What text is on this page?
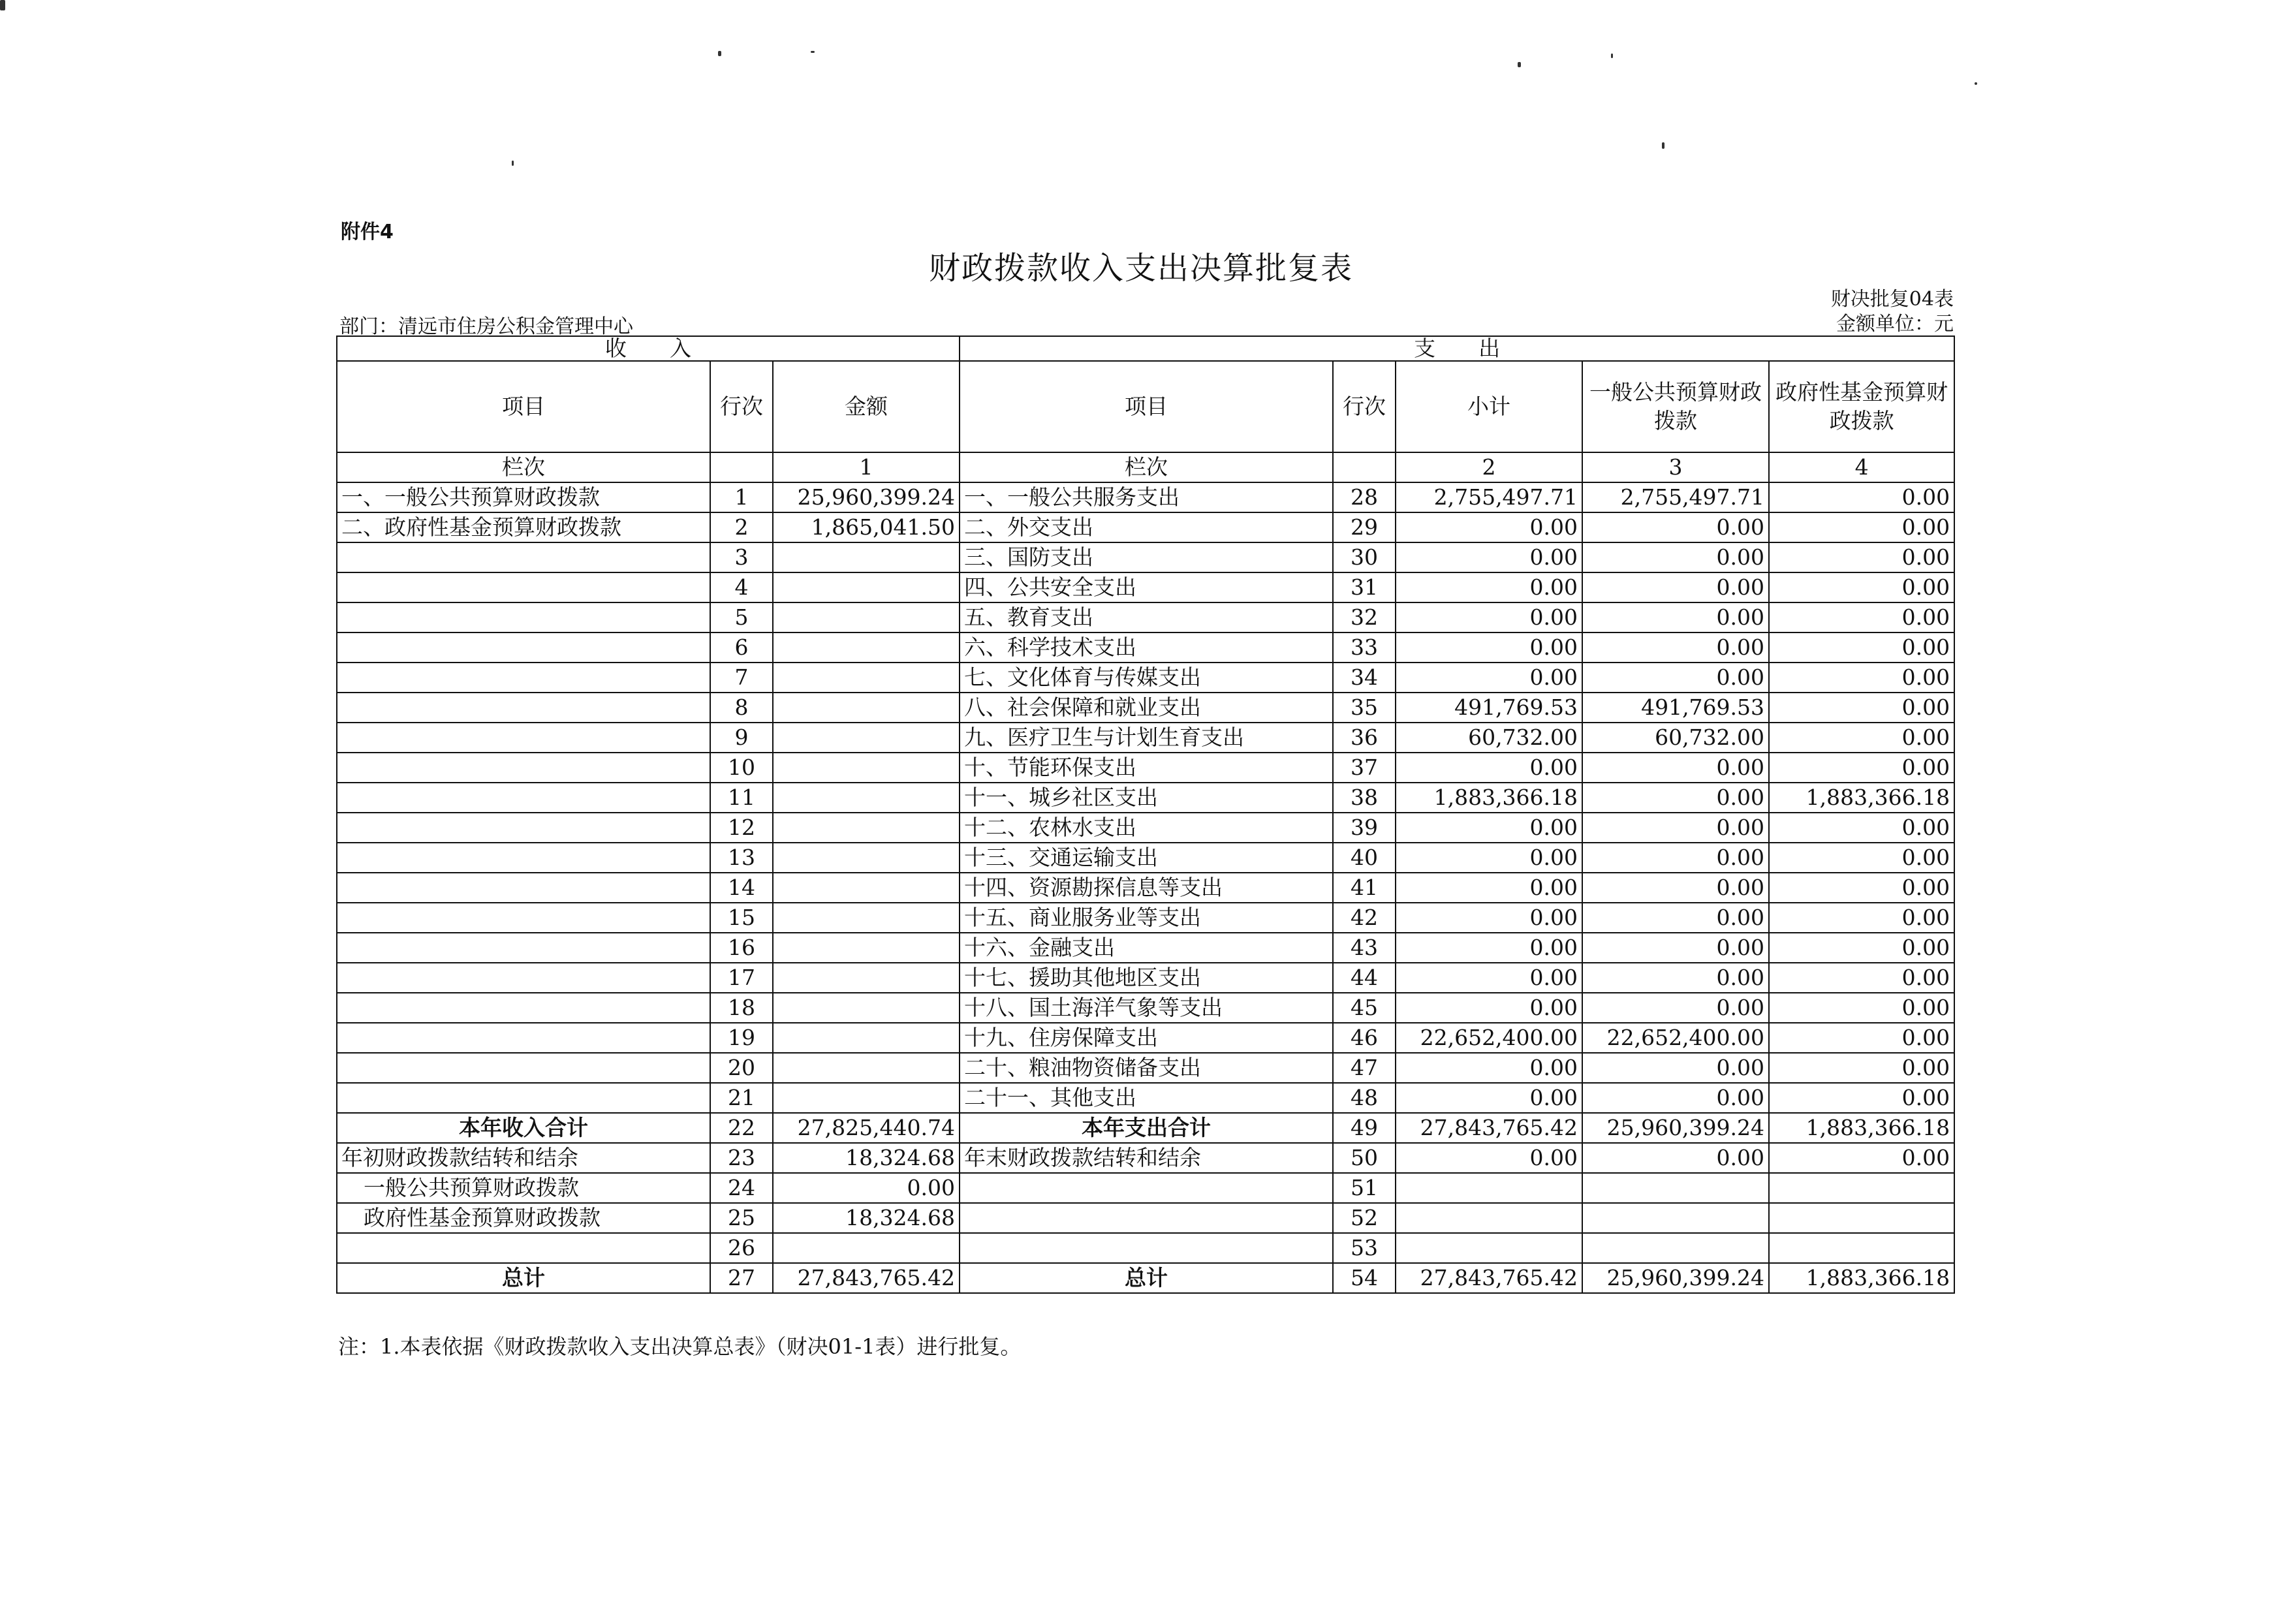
附件4
财政拨款收入支出决算批复表
财决批复04表
金额单位：元
部门：清远市住房公积金管理中心
收　　入			支　　出				
项目	行次	金额	项目	行次	小计	一般公共预算财政拨款	政府性基金预算财政拨款
栏次		1	栏次		2	3	4
一、一般公共预算财政拨款	1	25,960,399.24	一、一般公共服务支出	28	2,755,497.71	2,755,497.71	0.00
二、政府性基金预算财政拨款	2	1,865,041.50	二、外交支出	29	0.00	0.00	0.00
	3		三、国防支出	30	0.00	0.00	0.00
	4		四、公共安全支出	31	0.00	0.00	0.00
	5		五、教育支出	32	0.00	0.00	0.00
	6		六、科学技术支出	33	0.00	0.00	0.00
	7		七、文化体育与传媒支出	34	0.00	0.00	0.00
	8		八、社会保障和就业支出	35	491,769.53	491,769.53	0.00
	9		九、医疗卫生与计划生育支出	36	60,732.00	60,732.00	0.00
	10		十、节能环保支出	37	0.00	0.00	0.00
	11		十一、城乡社区支出	38	1,883,366.18	0.00	1,883,366.18
	12		十二、农林水支出	39	0.00	0.00	0.00
	13		十三、交通运输支出	40	0.00	0.00	0.00
	14		十四、资源勘探信息等支出	41	0.00	0.00	0.00
	15		十五、商业服务业等支出	42	0.00	0.00	0.00
	16		十六、金融支出	43	0.00	0.00	0.00
	17		十七、援助其他地区支出	44	0.00	0.00	0.00
	18		十八、国土海洋气象等支出	45	0.00	0.00	0.00
	19		十九、住房保障支出	46	22,652,400.00	22,652,400.00	0.00
	20		二十、粮油物资储备支出	47	0.00	0.00	0.00
	21		二十一、其他支出	48	0.00	0.00	0.00
本年收入合计	22	27,825,440.74	本年支出合计	49	27,843,765.42	25,960,399.24	1,883,366.18
年初财政拨款结转和结余	23	18,324.68	年末财政拨款结转和结余	50	0.00	0.00	0.00
一般公共预算财政拨款	24	0.00		51			
政府性基金预算财政拨款	25	18,324.68		52			
	26			53			
总计	27	27,843,765.42	总计	54	27,843,765.42	25,960,399.24	1,883,366.18
注：1.本表依据《财政拨款收入支出决算总表》（财决01-1表）进行批复。
